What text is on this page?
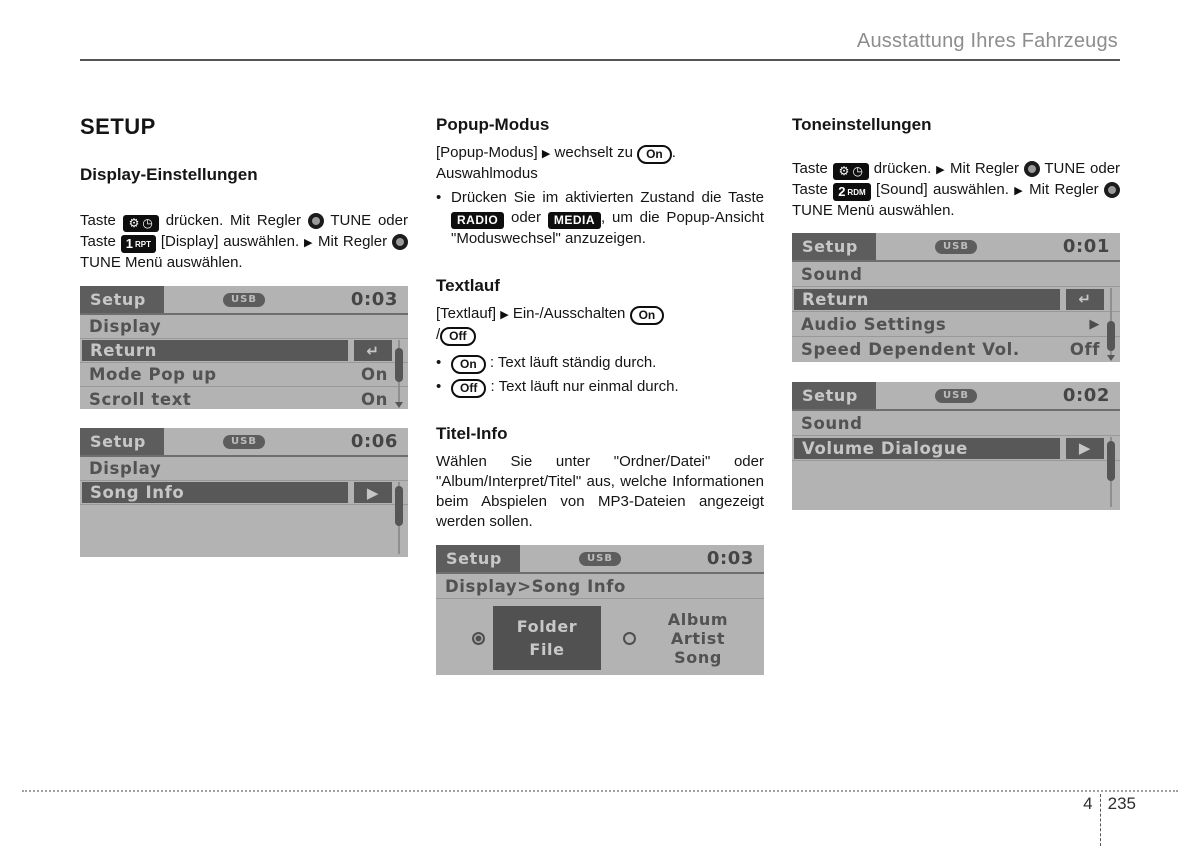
Ausstattung Ihres Fahrzeugs
SETUP
Display-Einstellungen

Taste ⚙ ◷ drücken. Mit Regler TUNE oder Taste 1 RPT [Display] auswählen. ▶ Mit Regler  TUNE Menü auswählen.

Setup	USB	0:03
Display
Return	↵
Mode Pop up	On
Scroll text	On
Setup	USB	0:06
Display
Song Info	▶
Popup-Modus

[Popup-Modus] ▶ wechselt zu On .
Auswahlmodus

• Drücken Sie im aktivierten Zustand die Taste RADIO oder MEDIA , um die Popup-Ansicht "Moduswechsel" anzuzeigen.

Textlauf

[Textlauf] ▶ Ein-/Ausschalten On
/ Off

•	On : Text läuft ständig durch.

•	Off : Text läuft nur einmal durch.

Titel-Info

Wählen Sie unter "Ordner/Datei" oder "Album/Interpret/Titel" aus, welche Informationen beim Abspielen von MP3-Dateien angezeigt werden sollen.

Setup	USB	0:03
Display>Song Info
Folder
File
Album
Artist
Song
Toneinstellungen

Taste ⚙ ◷ drücken. ▶ Mit Regler TUNE oder Taste 2 RDM [Sound] auswählen. ▶ Mit Regler  TUNE Menü auswählen.

Setup	USB	0:01
Sound
Return	↵
Audio Settings	▶
Speed Dependent Vol.	Off
Setup	USB	0:02
Sound
Volume Dialogue	▶
4 235
